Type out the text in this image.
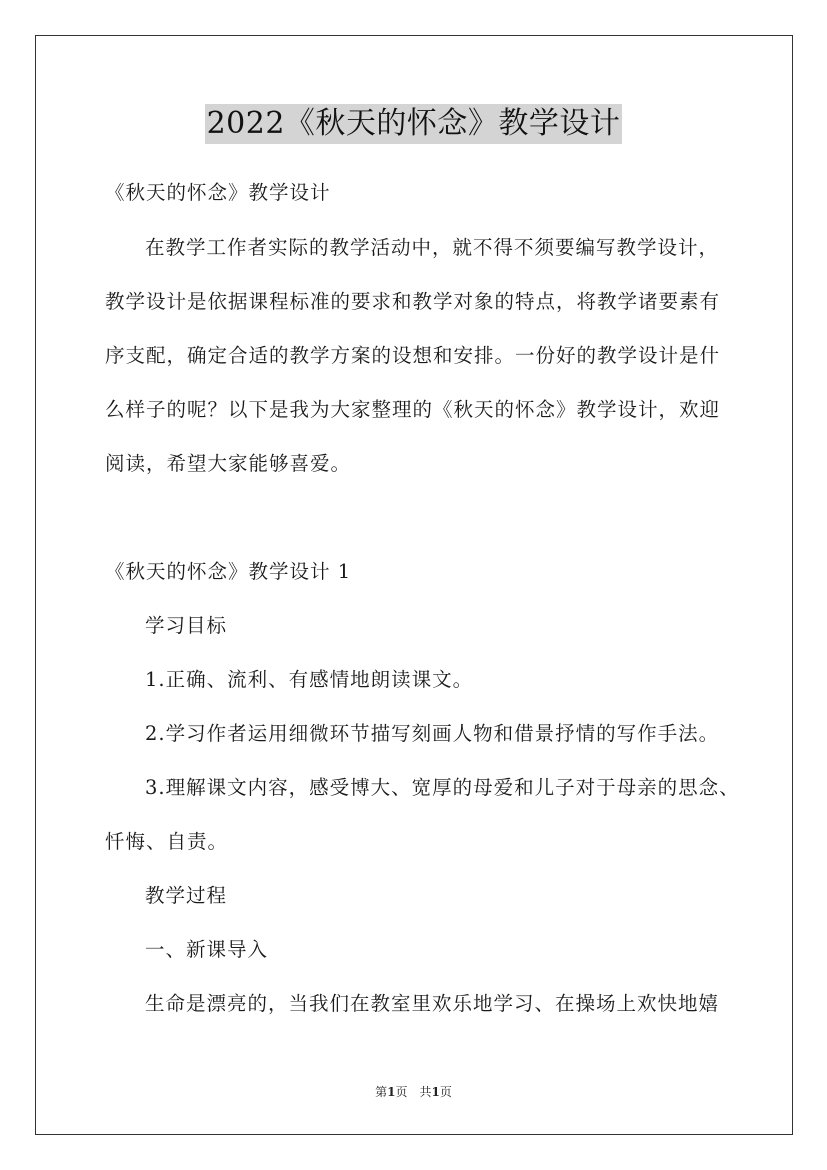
2022《秋天的怀念》教学设计
《秋天的怀念》教学设计
在教学工作者实际的教学活动中，就不得不须要编写教学设计，
教学设计是依据课程标准的要求和教学对象的特点，将教学诸要素有
序支配，确定合适的教学方案的设想和安排。一份好的教学设计是什
么样子的呢？以下是我为大家整理的《秋天的怀念》教学设计，欢迎
阅读，希望大家能够喜爱。
《秋天的怀念》教学设计 1
学习目标
1.正确、流利、有感情地朗读课文。
2.学习作者运用细微环节描写刻画人物和借景抒情的写作手法。
3.理解课文内容，感受博大、宽厚的母爱和儿子对于母亲的思念、
忏悔、自责。
教学过程
一、新课导入
生命是漂亮的，当我们在教室里欢乐地学习、在操场上欢快地嬉
第1页　共1页
